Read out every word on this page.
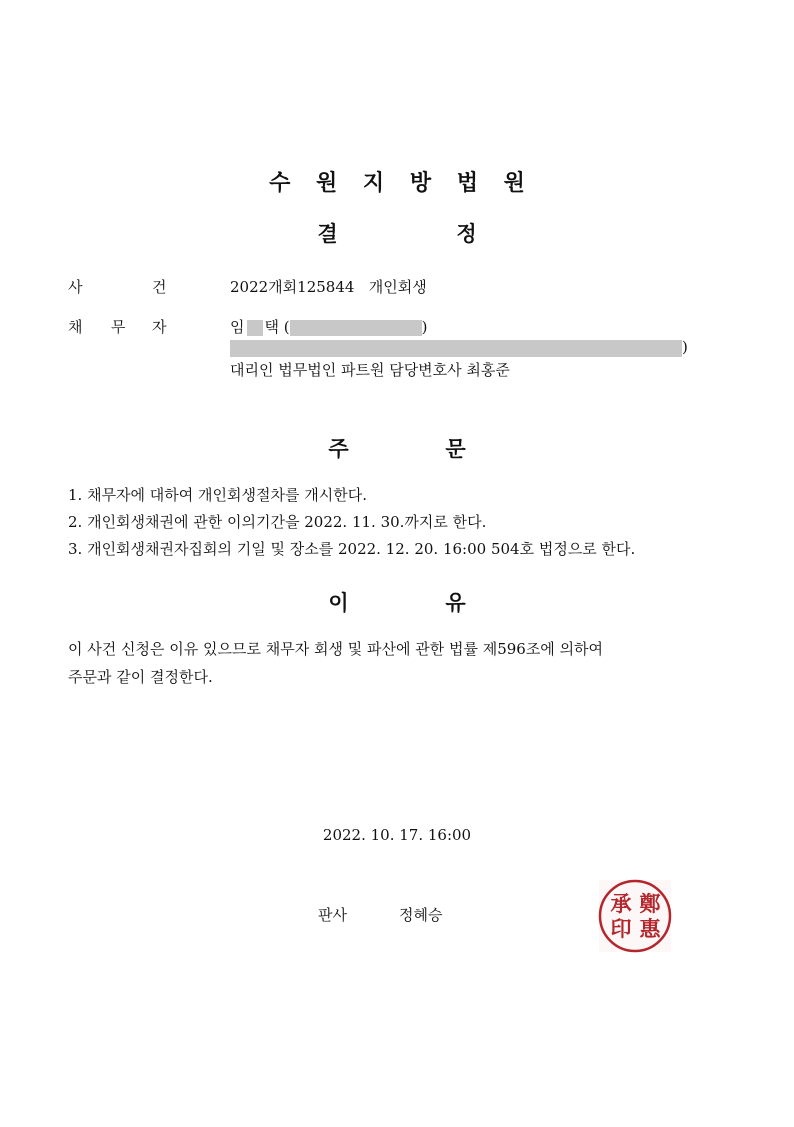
수 원 지 방 법 원
결	정
사	건	2022개회125844   개인회생
채 무 자	임 택 (	)
)
대리인 법무법인 파트원 담당변호사 최홍준
주	문
1. 채무자에 대하여 개인회생절차를 개시한다.
2. 개인회생채권에 관한 이의기간을 2022. 11. 30.까지로 한다.
3. 개인회생채권자집회의 기일 및 장소를 2022. 12. 20. 16:00 504호 법정으로 한다.
이	유
이 사건 신청은 이유 있으므로 채무자 회생 및 파산에 관한 법률 제596조에 의하여
주문과 같이 결정한다.
2022. 10. 17. 16:00
판사	정혜승	鄭
惠
承
印
